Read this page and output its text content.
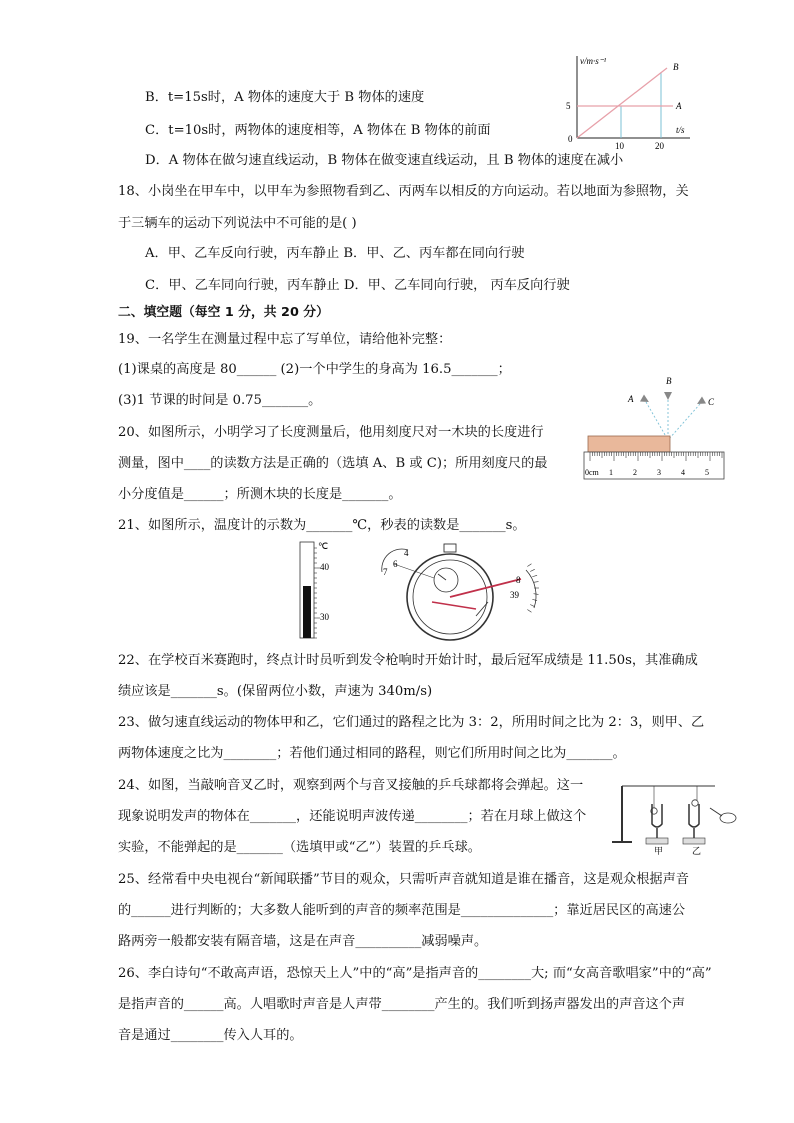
B．t=15s时，A 物体的速度大于 B 物体的速度
C．t=10s时，两物体的速度相等，A 物体在 B 物体的前面
D．A 物体在做匀速直线运动，B 物体在做变速直线运动，且 B 物体的速度在减小
18、小岗坐在甲车中，以甲车为参照物看到乙、丙两车以相反的方向运动。若以地面为参照物，关
于三辆车的运动下列说法中不可能的是( )
A．甲、乙车反向行驶，丙车静止 B．甲、乙、丙车都在同向行驶
C．甲、乙车同向行驶，丙车静止 D．甲、乙车同向行驶， 丙车反向行驶
二、填空题（每空 1 分，共 20 分）
19、一名学生在测量过程中忘了写单位，请给他补完整：
(1)课桌的高度是 80______ (2)一个中学生的身高为 16.5_______；
(3)1 节课的时间是 0.75_______。
20、如图所示，小明学习了长度测量后，他用刻度尺对一木块的长度进行
测量，图中____的读数方法是正确的（选填 A、B 或 C)；所用刻度尺的最
小分度值是______；所测木块的长度是_______。
21、如图所示，温度计的示数为_______℃，秒表的读数是_______s。
22、在学校百米赛跑时，终点计时员听到发令枪响时开始计时，最后冠军成绩是 11.50s，其准确成
绩应该是_______s。(保留两位小数，声速为 340m/s)
23、做匀速直线运动的物体甲和乙，它们通过的路程之比为 3：2，所用时间之比为 2：3，则甲、乙
两物体速度之比为________；若他们通过相同的路程，则它们所用时间之比为_______。
24、如图，当敲响音叉乙时，观察到两个与音叉接触的乒乓球都将会弹起。这一
现象说明发声的物体在_______，还能说明声波传递________；若在月球上做这个
实验，不能弹起的是_______（选填甲或“乙”）装置的乒乓球。
25、经常看中央电视台“新闻联播”节目的观众，只需听声音就知道是谁在播音，这是观众根据声音
的______进行判断的；大多数人能听到的声音的频率范围是______________；靠近居民区的高速公
路两旁一般都安装有隔音墙，这是在声音__________减弱噪声。
26、李白诗句“不敢高声语，恐惊天上人”中的“高”是指声音的________大; 而“女高音歌唱家”中的“高”
是指声音的______高。人唱歌时声音是人声带________产生的。我们听到扬声器发出的声音这个声
音是通过________传入人耳的。
v/m·s⁻¹
t/s
0
5
10	20
A
B
A
B
C
0cm 1	2	3	4	5
℃
40
30
4
6
7
8
39
甲	乙
